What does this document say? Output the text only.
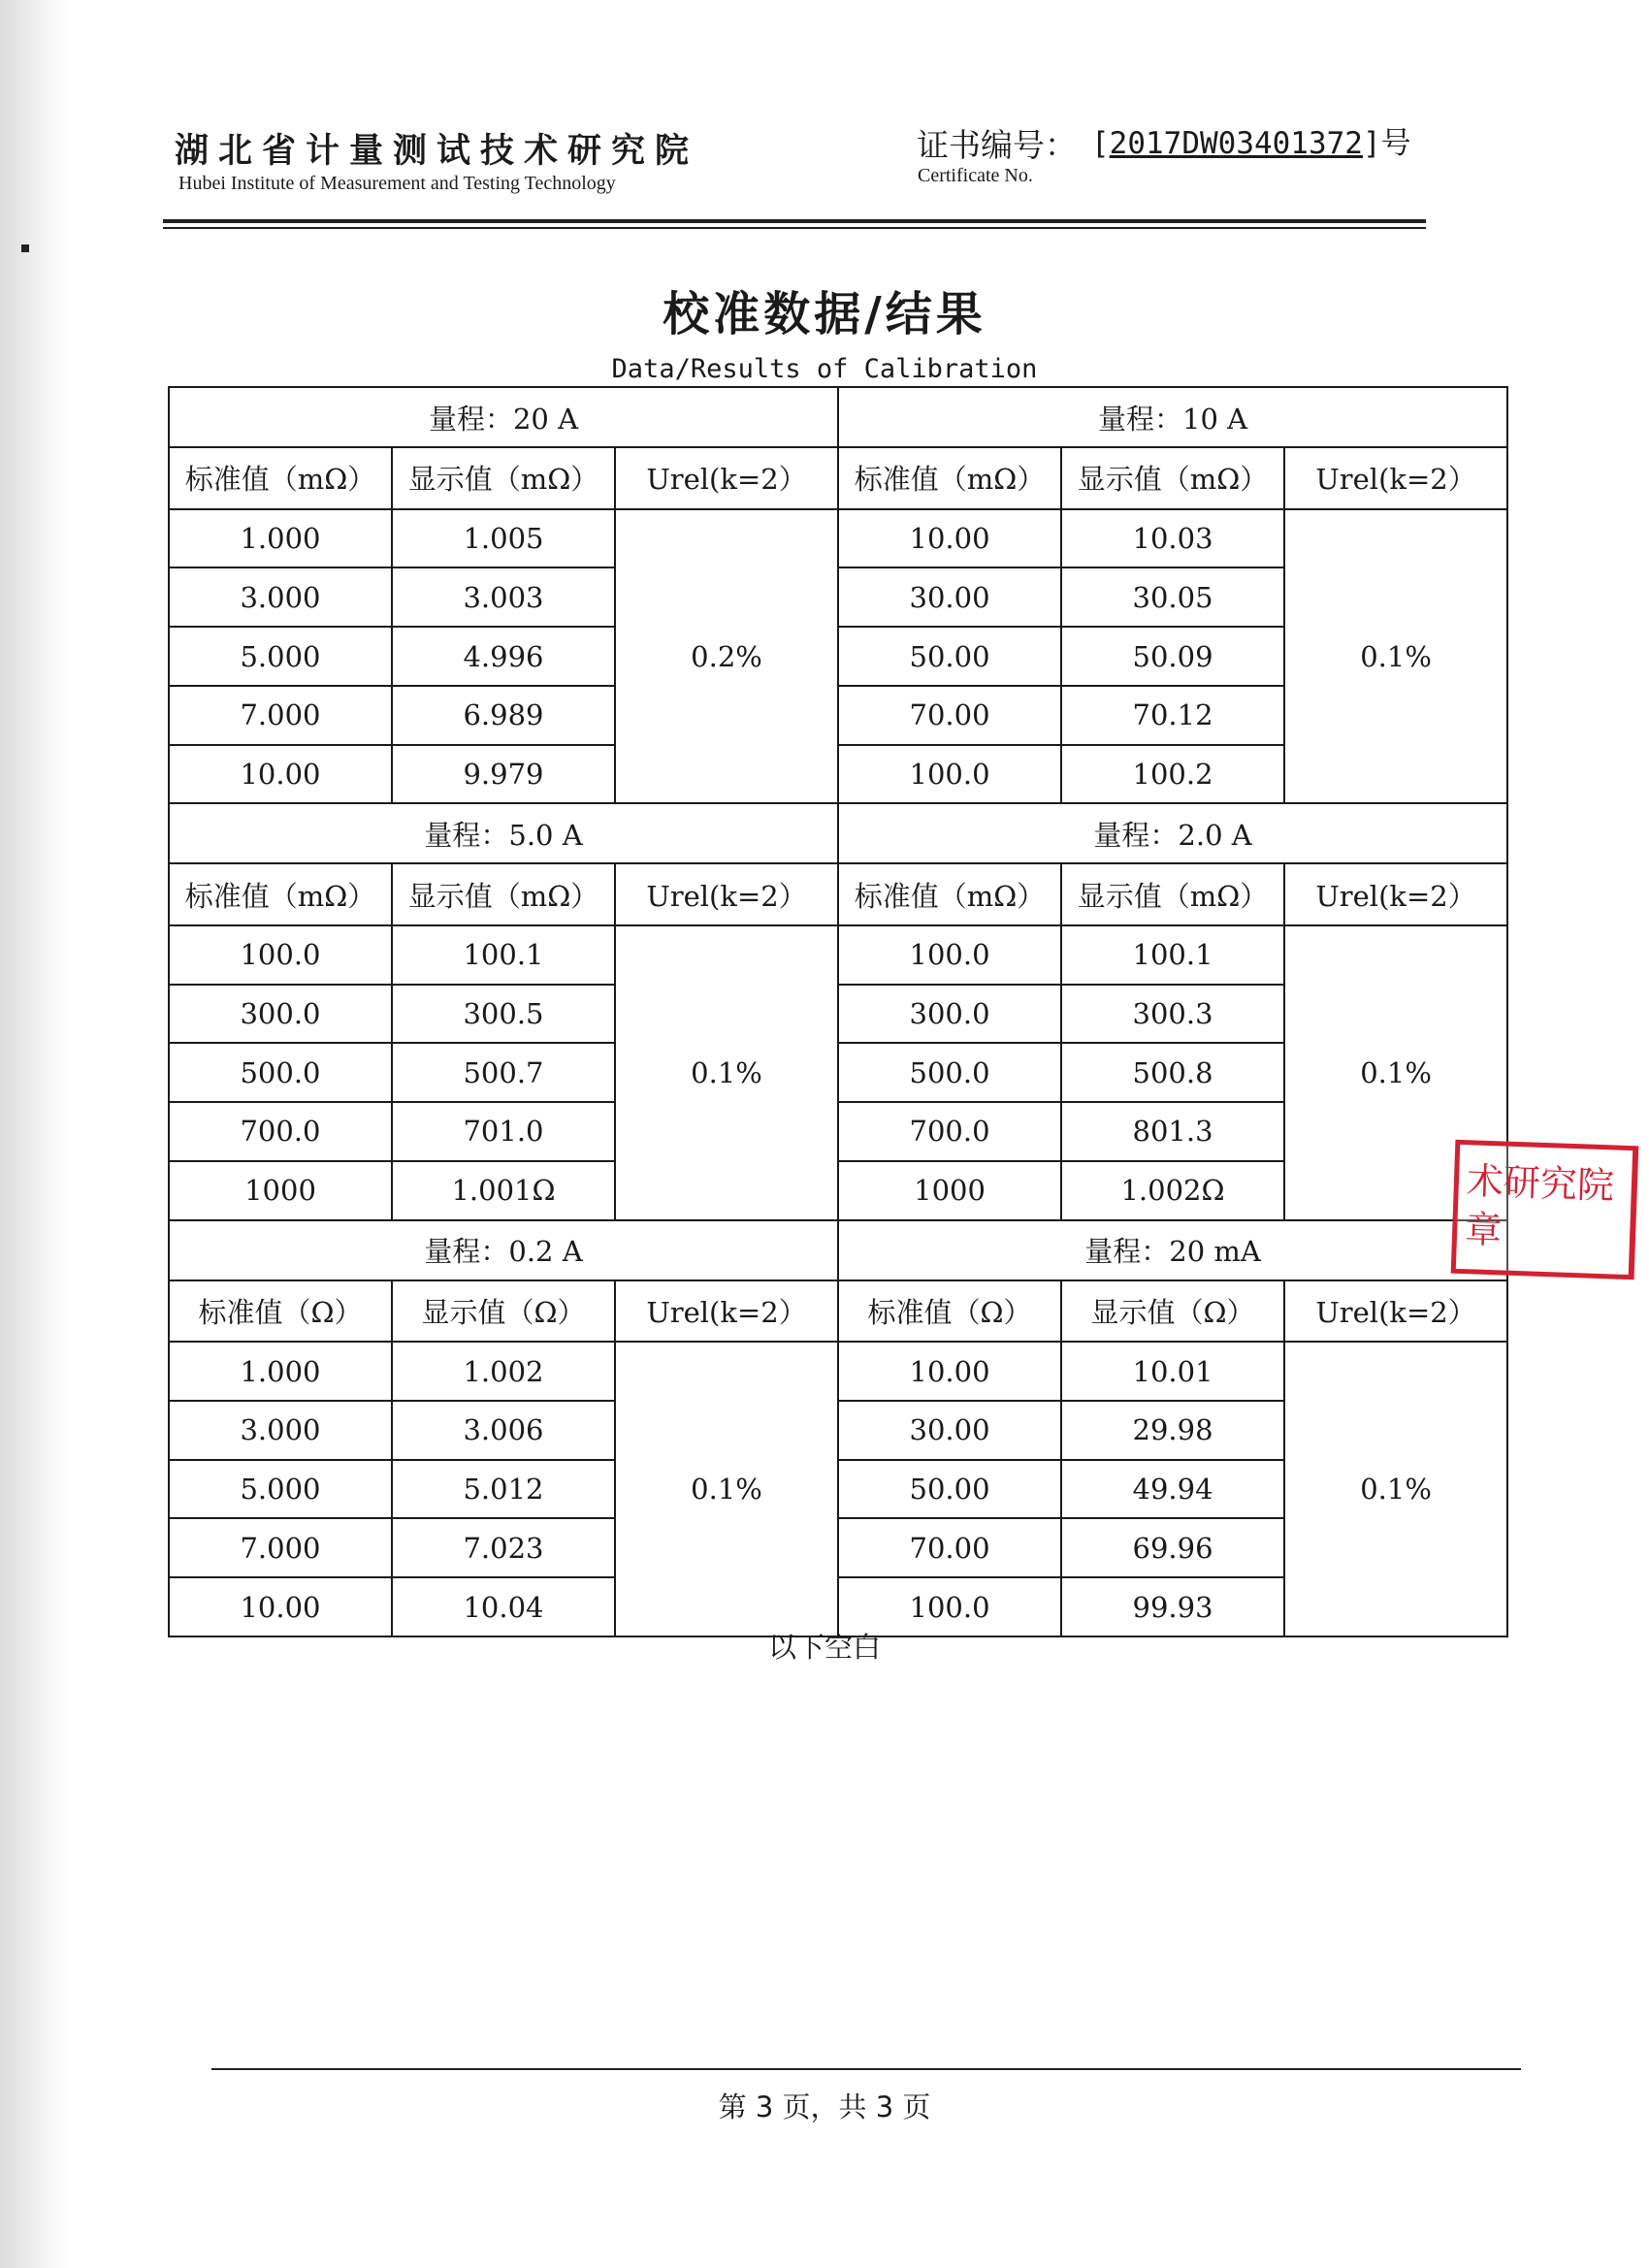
湖北省计量测试技术研究院
Hubei Institute of Measurement and Testing Technology
证书编号： [2017DW03401372]号
Certificate No.
校准数据/结果
Data/Results of Calibration
量程：20 A			量程：10 A		
标准值（mΩ）	显示值（mΩ）	Urel(k=2）	标准值（mΩ）	显示值（mΩ）	Urel(k=2）
1.000	1.005	0.2%	10.00	10.03	0.1%
3.000	3.003		30.00	30.05	
5.000	4.996		50.00	50.09	
7.000	6.989		70.00	70.12	
10.00	9.979		100.0	100.2	
量程：5.0 A			量程：2.0 A		
标准值（mΩ）	显示值（mΩ）	Urel(k=2）	标准值（mΩ）	显示值（mΩ）	Urel(k=2）
100.0	100.1	0.1%	100.0	100.1	0.1%
300.0	300.5		300.0	300.3	
500.0	500.7		500.0	500.8	
700.0	701.0		700.0	801.3	
1000	1.001Ω		1000	1.002Ω	
量程：0.2 A			量程：20 mA		
标准值（Ω）	显示值（Ω）	Urel(k=2）	标准值（Ω）	显示值（Ω）	Urel(k=2）
1.000	1.002	0.1%	10.00	10.01	0.1%
3.000	3.006		30.00	29.98	
5.000	5.012		50.00	49.94	
7.000	7.023		70.00	69.96	
10.00	10.04		100.0	99.93	
以下空白
第 3 页，共 3 页
术研究院
章
